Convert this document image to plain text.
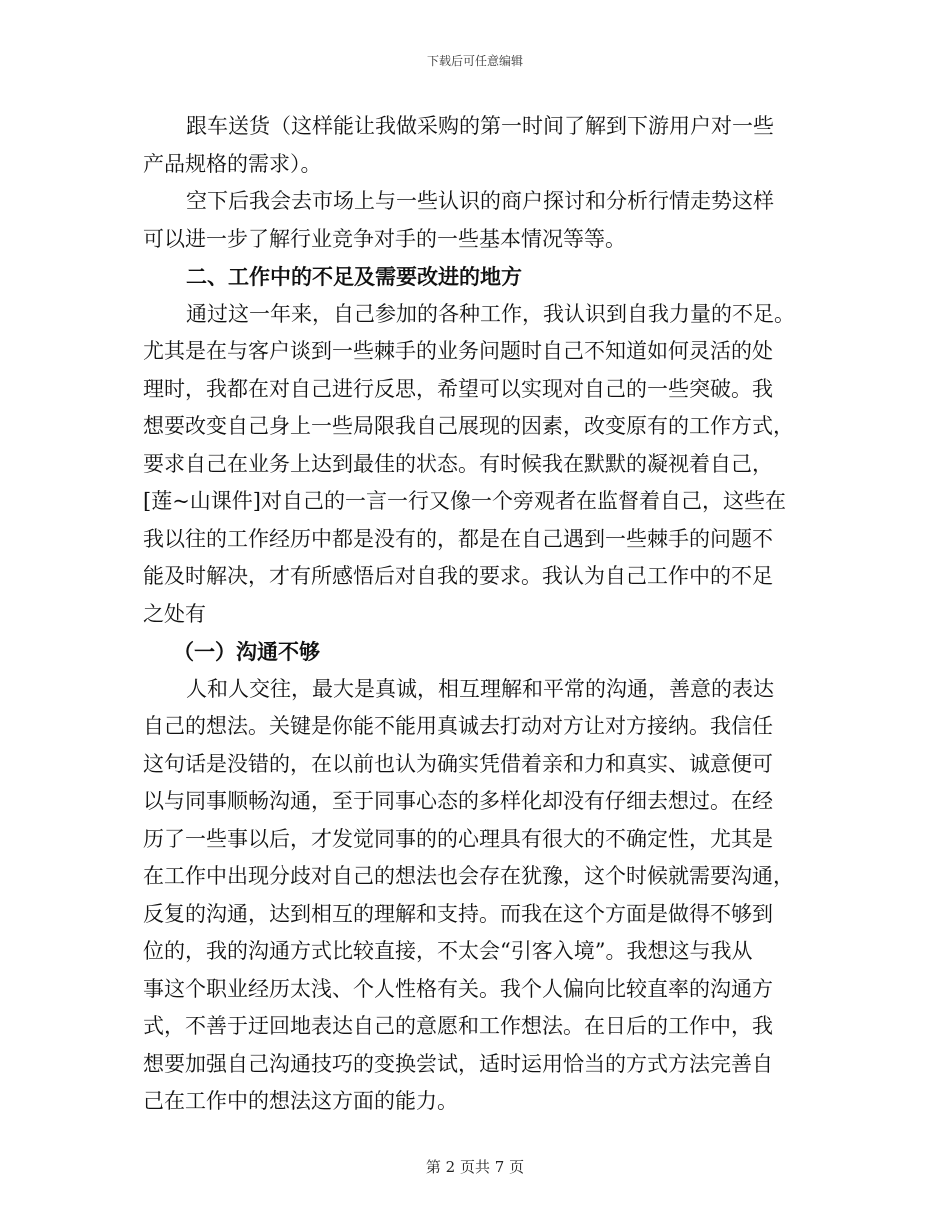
下载后可任意编辑
跟车送货（这样能让我做采购的第一时间了解到下游用户对一些
产品规格的需求）。
空下后我会去市场上与一些认识的商户探讨和分析行情走势这样
可以进一步了解行业竞争对手的一些基本情况等等。
二、工作中的不足及需要改进的地方
通过这一年来，自己参加的各种工作，我认识到自我力量的不足。
尤其是在与客户谈到一些棘手的业务问题时自己不知道如何灵活的处
理时，我都在对自己进行反思，希望可以实现对自己的一些突破。我
想要改变自己身上一些局限我自己展现的因素，改变原有的工作方式，
要求自己在业务上达到最佳的状态。有时候我在默默的凝视着自己，
[莲~山课件]对自己的一言一行又像一个旁观者在监督着自己，这些在
我以往的工作经历中都是没有的，都是在自己遇到一些棘手的问题不
能及时解决，才有所感悟后对自我的要求。我认为自己工作中的不足
之处有
（一）沟通不够
人和人交往，最大是真诚，相互理解和平常的沟通，善意的表达
自己的想法。关键是你能不能用真诚去打动对方让对方接纳。我信任
这句话是没错的，在以前也认为确实凭借着亲和力和真实、诚意便可
以与同事顺畅沟通，至于同事心态的多样化却没有仔细去想过。在经
历了一些事以后，才发觉同事的的心理具有很大的不确定性，尤其是
在工作中出现分歧对自己的想法也会存在犹豫，这个时候就需要沟通，
反复的沟通，达到相互的理解和支持。而我在这个方面是做得不够到
位的，我的沟通方式比较直接，不太会“引客入境”。我想这与我从
事这个职业经历太浅、个人性格有关。我个人偏向比较直率的沟通方
式，不善于迂回地表达自己的意愿和工作想法。在日后的工作中，我
想要加强自己沟通技巧的变换尝试，适时运用恰当的方式方法完善自
己在工作中的想法这方面的能力。
第 2 页共 7 页
